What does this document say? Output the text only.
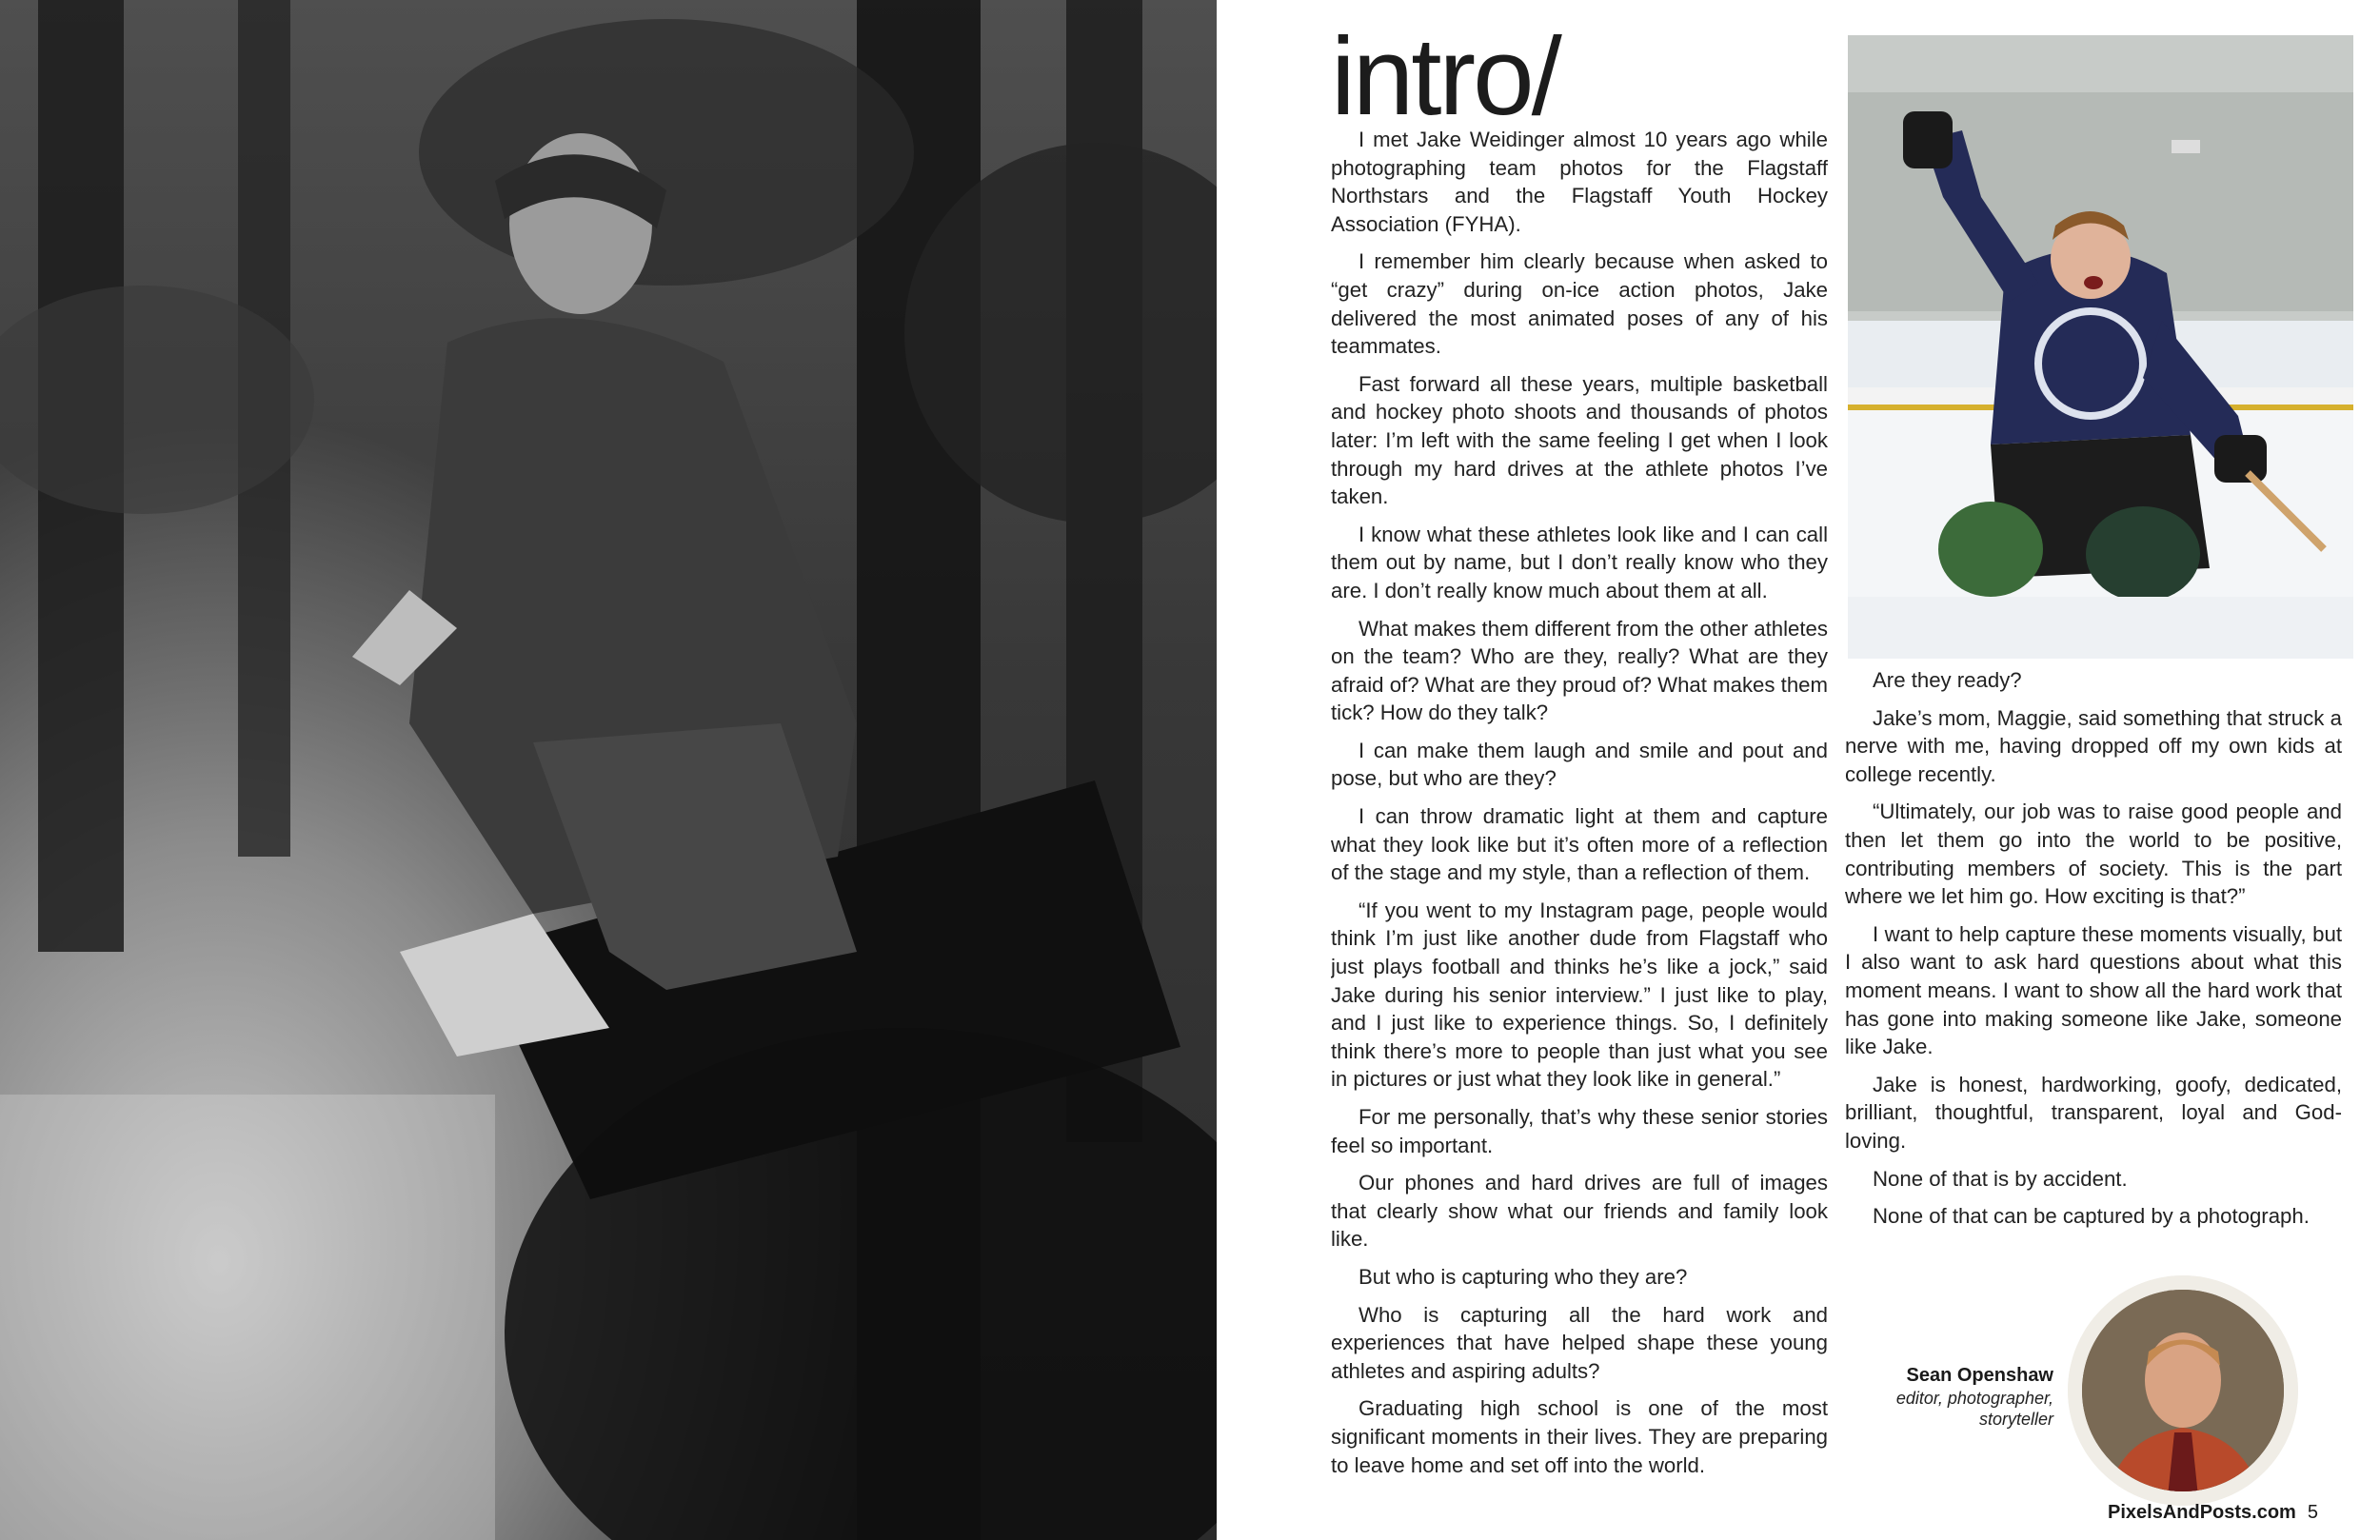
intro/

I met Jake Weidinger almost 10 years ago while photographing team photos for the Flagstaff Northstars and the Flagstaff Youth Hockey Association (FYHA).

I remember him clearly because when asked to “get crazy” during on-ice action photos, Jake delivered the most animated poses of any of his teammates.

Fast forward all these years, multiple basketball and hockey photo shoots and thousands of photos later: I’m left with the same feeling I get when I look through my hard drives at the athlete photos I’ve taken.

I know what these athletes look like and I can call them out by name, but I don’t really know who they are. I don’t really know much about them at all.

What makes them different from the other athletes on the team? Who are they, really? What are they afraid of? What are they proud of? What makes them tick? How do they talk?

I can make them laugh and smile and pout and pose, but who are they?

I can throw dramatic light at them and capture what they look like but it’s often more of a reflection of the stage and my style, than a reflection of them.

“If you went to my Instagram page, people would think I’m just like another dude from Flagstaff who just plays football and thinks he’s like a jock,” said Jake during his senior interview.” I just like to play, and I just like to experience things. So, I definitely think there’s more to people than just what you see in pictures or just what they look like in general.”

For me personally, that’s why these senior stories feel so important.

Our phones and hard drives are full of images that clearly show what our friends and family look like.

But who is capturing who they are?

Who is capturing all the hard work and experiences that have helped shape these young athletes and aspiring adults?

Graduating high school is one of the most significant moments in their lives. They are preparing to leave home and set off into the world.

Are they ready?

Jake’s mom, Maggie, said something that struck a nerve with me, having dropped off my own kids at college recently.

“Ultimately, our job was to raise good people and then let them go into the world to be positive, contributing members of society. This is the part where we let him go. How exciting is that?”

I want to help capture these moments visually, but I also want to ask hard questions about what this moment means. I want to show all the hard work that has gone into making someone like Jake, someone like Jake.

Jake is honest, hardworking, goofy, dedicated, brilliant, thoughtful, transparent, loyal and God-loving.

None of that is by accident.

None of that can be captured by a photograph.

Sean Openshaw
editor, photographer, storyteller
PixelsAndPosts.com 5
